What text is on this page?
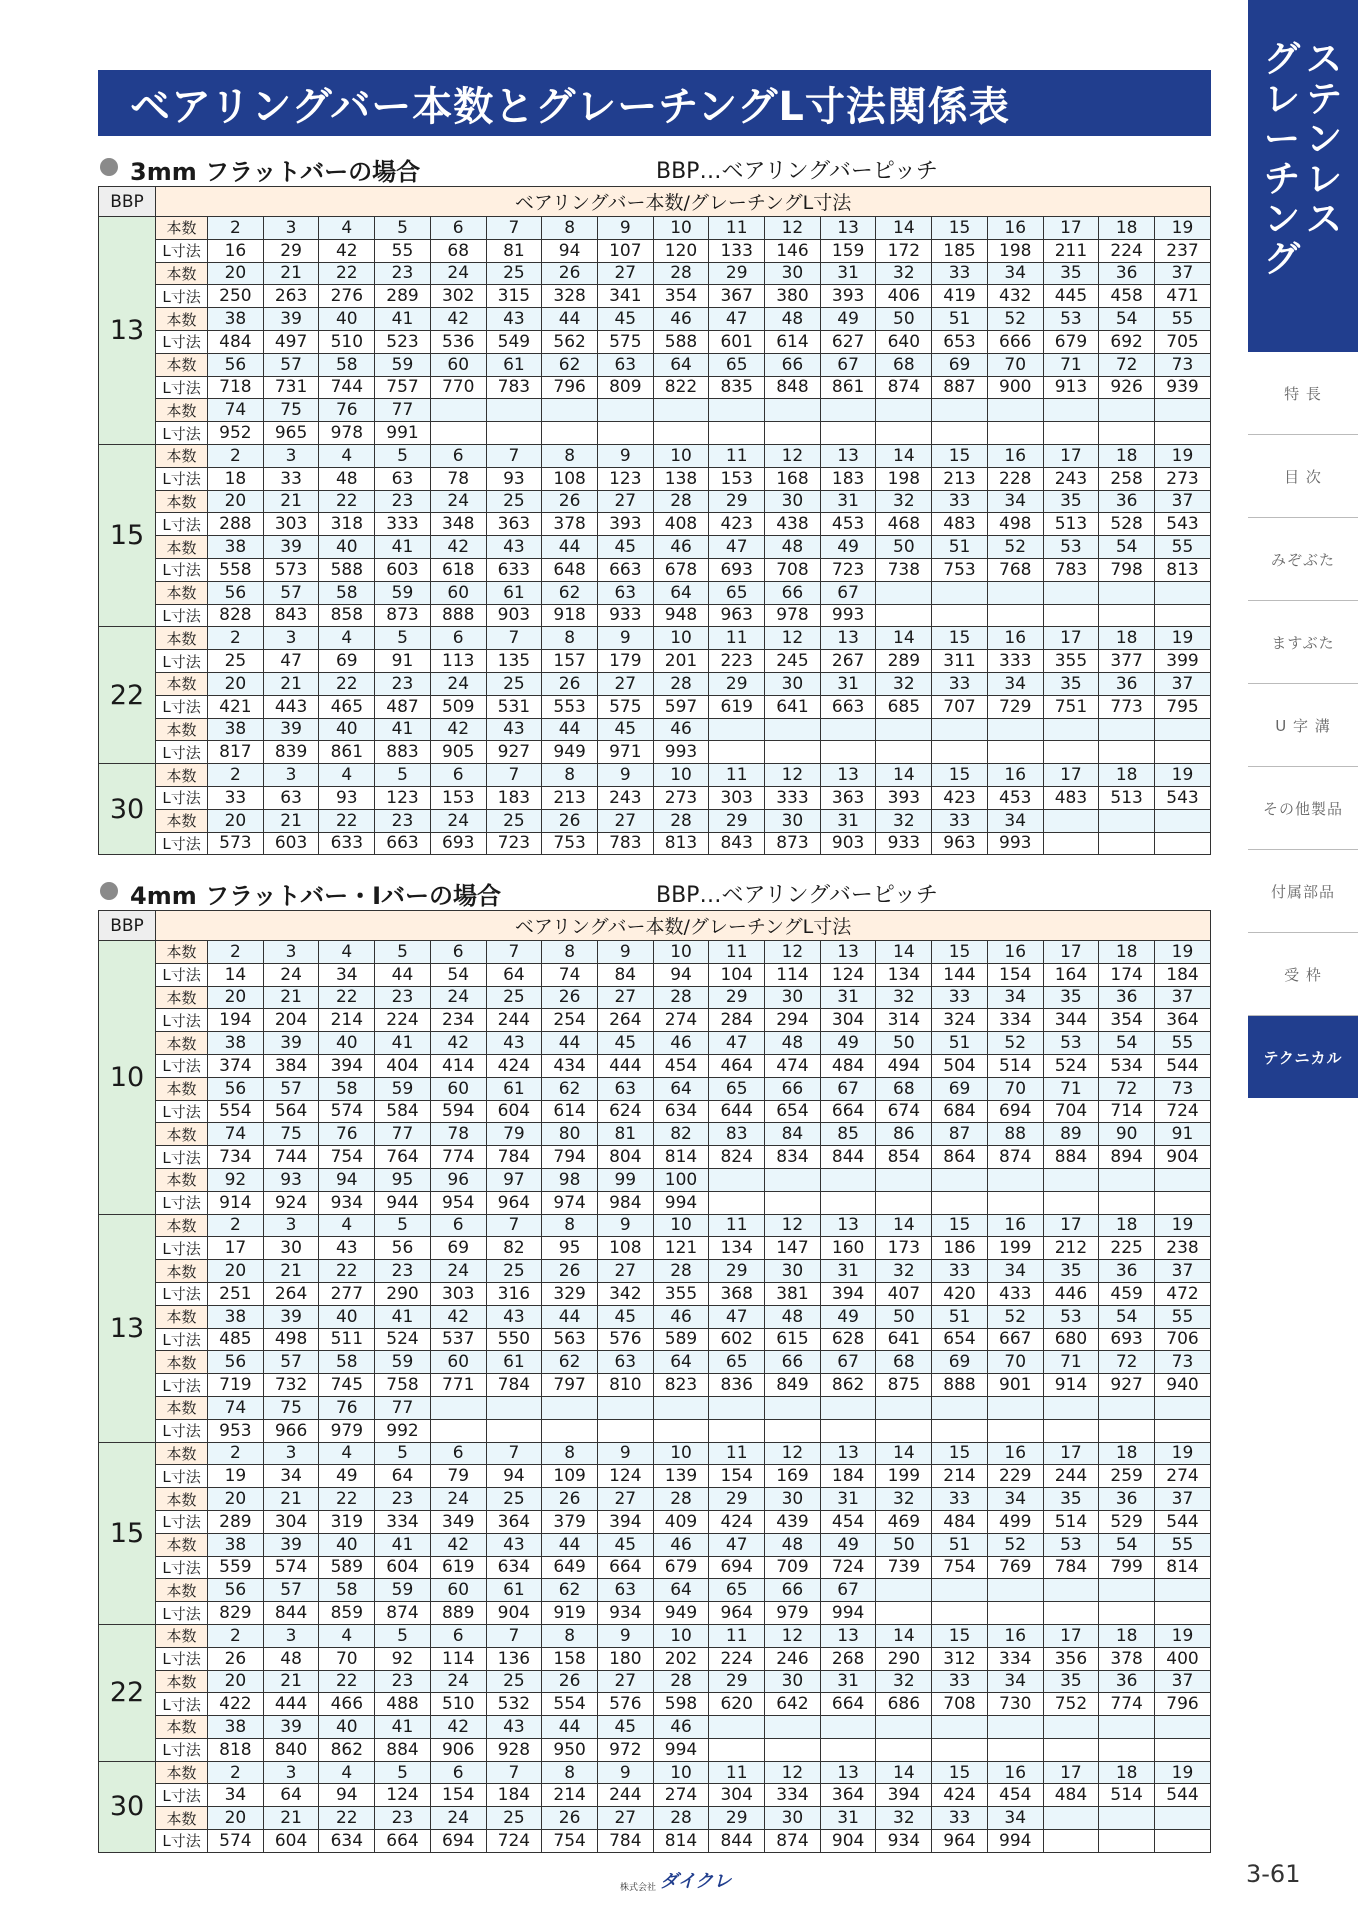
ベアリングバー本数とグレーチングL寸法関係表
3mm フラットバーの場合	BBP…ベアリングバーピッチ
BBP	ベアリングバー本数/グレーチングL寸法																		
13	本数	2	3	4	5	6	7	8	9	10	11	12	13	14	15	16	17	18	19
	L寸法	16	29	42	55	68	81	94	107	120	133	146	159	172	185	198	211	224	237
	本数	20	21	22	23	24	25	26	27	28	29	30	31	32	33	34	35	36	37
	L寸法	250	263	276	289	302	315	328	341	354	367	380	393	406	419	432	445	458	471
	本数	38	39	40	41	42	43	44	45	46	47	48	49	50	51	52	53	54	55
	L寸法	484	497	510	523	536	549	562	575	588	601	614	627	640	653	666	679	692	705
	本数	56	57	58	59	60	61	62	63	64	65	66	67	68	69	70	71	72	73
	L寸法	718	731	744	757	770	783	796	809	822	835	848	861	874	887	900	913	926	939
	本数	74	75	76	77														
	L寸法	952	965	978	991														
15	本数	2	3	4	5	6	7	8	9	10	11	12	13	14	15	16	17	18	19
	L寸法	18	33	48	63	78	93	108	123	138	153	168	183	198	213	228	243	258	273
	本数	20	21	22	23	24	25	26	27	28	29	30	31	32	33	34	35	36	37
	L寸法	288	303	318	333	348	363	378	393	408	423	438	453	468	483	498	513	528	543
	本数	38	39	40	41	42	43	44	45	46	47	48	49	50	51	52	53	54	55
	L寸法	558	573	588	603	618	633	648	663	678	693	708	723	738	753	768	783	798	813
	本数	56	57	58	59	60	61	62	63	64	65	66	67						
	L寸法	828	843	858	873	888	903	918	933	948	963	978	993						
22	本数	2	3	4	5	6	7	8	9	10	11	12	13	14	15	16	17	18	19
	L寸法	25	47	69	91	113	135	157	179	201	223	245	267	289	311	333	355	377	399
	本数	20	21	22	23	24	25	26	27	28	29	30	31	32	33	34	35	36	37
	L寸法	421	443	465	487	509	531	553	575	597	619	641	663	685	707	729	751	773	795
	本数	38	39	40	41	42	43	44	45	46									
	L寸法	817	839	861	883	905	927	949	971	993									
30	本数	2	3	4	5	6	7	8	9	10	11	12	13	14	15	16	17	18	19
	L寸法	33	63	93	123	153	183	213	243	273	303	333	363	393	423	453	483	513	543
	本数	20	21	22	23	24	25	26	27	28	29	30	31	32	33	34			
	L寸法	573	603	633	663	693	723	753	783	813	843	873	903	933	963	993			
4mm フラットバー・Iバーの場合	BBP…ベアリングバーピッチ
BBP	ベアリングバー本数/グレーチングL寸法																		
10	本数	2	3	4	5	6	7	8	9	10	11	12	13	14	15	16	17	18	19
	L寸法	14	24	34	44	54	64	74	84	94	104	114	124	134	144	154	164	174	184
	本数	20	21	22	23	24	25	26	27	28	29	30	31	32	33	34	35	36	37
	L寸法	194	204	214	224	234	244	254	264	274	284	294	304	314	324	334	344	354	364
	本数	38	39	40	41	42	43	44	45	46	47	48	49	50	51	52	53	54	55
	L寸法	374	384	394	404	414	424	434	444	454	464	474	484	494	504	514	524	534	544
	本数	56	57	58	59	60	61	62	63	64	65	66	67	68	69	70	71	72	73
	L寸法	554	564	574	584	594	604	614	624	634	644	654	664	674	684	694	704	714	724
	本数	74	75	76	77	78	79	80	81	82	83	84	85	86	87	88	89	90	91
	L寸法	734	744	754	764	774	784	794	804	814	824	834	844	854	864	874	884	894	904
	本数	92	93	94	95	96	97	98	99	100									
	L寸法	914	924	934	944	954	964	974	984	994									
13	本数	2	3	4	5	6	7	8	9	10	11	12	13	14	15	16	17	18	19
	L寸法	17	30	43	56	69	82	95	108	121	134	147	160	173	186	199	212	225	238
	本数	20	21	22	23	24	25	26	27	28	29	30	31	32	33	34	35	36	37
	L寸法	251	264	277	290	303	316	329	342	355	368	381	394	407	420	433	446	459	472
	本数	38	39	40	41	42	43	44	45	46	47	48	49	50	51	52	53	54	55
	L寸法	485	498	511	524	537	550	563	576	589	602	615	628	641	654	667	680	693	706
	本数	56	57	58	59	60	61	62	63	64	65	66	67	68	69	70	71	72	73
	L寸法	719	732	745	758	771	784	797	810	823	836	849	862	875	888	901	914	927	940
	本数	74	75	76	77														
	L寸法	953	966	979	992														
15	本数	2	3	4	5	6	7	8	9	10	11	12	13	14	15	16	17	18	19
	L寸法	19	34	49	64	79	94	109	124	139	154	169	184	199	214	229	244	259	274
	本数	20	21	22	23	24	25	26	27	28	29	30	31	32	33	34	35	36	37
	L寸法	289	304	319	334	349	364	379	394	409	424	439	454	469	484	499	514	529	544
	本数	38	39	40	41	42	43	44	45	46	47	48	49	50	51	52	53	54	55
	L寸法	559	574	589	604	619	634	649	664	679	694	709	724	739	754	769	784	799	814
	本数	56	57	58	59	60	61	62	63	64	65	66	67						
	L寸法	829	844	859	874	889	904	919	934	949	964	979	994						
22	本数	2	3	4	5	6	7	8	9	10	11	12	13	14	15	16	17	18	19
	L寸法	26	48	70	92	114	136	158	180	202	224	246	268	290	312	334	356	378	400
	本数	20	21	22	23	24	25	26	27	28	29	30	31	32	33	34	35	36	37
	L寸法	422	444	466	488	510	532	554	576	598	620	642	664	686	708	730	752	774	796
	本数	38	39	40	41	42	43	44	45	46									
	L寸法	818	840	862	884	906	928	950	972	994									
30	本数	2	3	4	5	6	7	8	9	10	11	12	13	14	15	16	17	18	19
	L寸法	34	64	94	124	154	184	214	244	274	304	334	364	394	424	454	484	514	544
	本数	20	21	22	23	24	25	26	27	28	29	30	31	32	33	34			
	L寸法	574	604	634	664	694	724	754	784	814	844	874	904	934	964	994			
ス
テ
ン
レ
ス
グ
レ
ー
チ
ン
グ
特 長
目 次
みぞぶた
ますぶた
U 字 溝
その他製品
付属部品
受 枠
テクニカル
株式会社 ダイクレ	3-61
